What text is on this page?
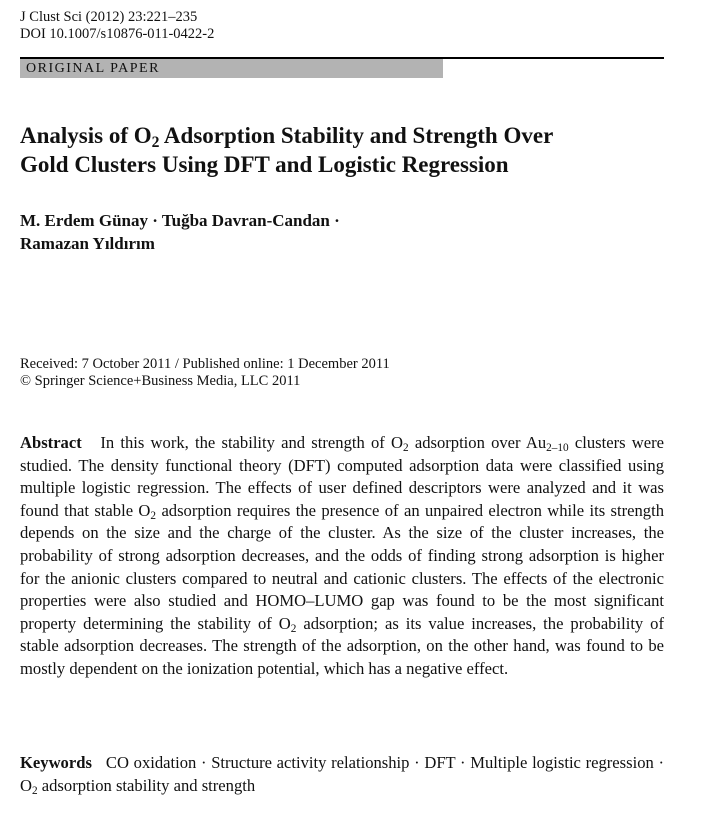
J Clust Sci (2012) 23:221–235
DOI 10.1007/s10876-011-0422-2
ORIGINAL PAPER
Analysis of $O_2$ Adsorption Stability and Strength Over
Gold Clusters Using DFT and Logistic Regression
M. Erdem Günay · Tuğba Davran-Candan ·
Ramazan Yıldırım
Received: 7 October 2011 / Published online: 1 December 2011
© Springer Science+Business Media, LLC 2011

Abstract In this work, the stability and strength of $O_2$ adsorption over $Au_{2-10}$ clusters were studied. The density functional theory (DFT) computed adsorption data were classified using multiple logistic regression. The effects of user defined descriptors were analyzed and it was found that stable $O_2$ adsorption requires the presence of an unpaired electron while its strength depends on the size and the charge of the cluster. As the size of the cluster increases, the probability of strong adsorption decreases, and the odds of finding strong adsorption is higher for the anionic clusters compared to neutral and cationic clusters. The effects of the electronic properties were also studied and HOMO–LUMO gap was found to be the most significant property determining the stability of $O_2$ adsorption; as its value increases, the probability of stable adsorption decreases. The strength of the adsorption, on the other hand, was found to be mostly dependent on the ionization potential, which has a negative effect.

Keywords CO oxidation · Structure activity relationship · DFT · Multiple logistic regression · $O_2$ adsorption stability and strength
